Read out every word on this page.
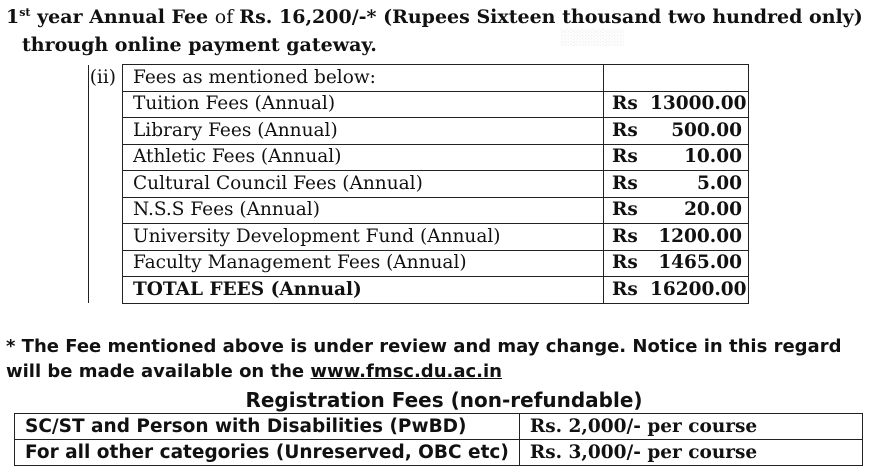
░░░░░░
1st year Annual Fee of Rs. 16,200/-* (Rupees Sixteen thousand two hundred only)
through online payment gateway.
(ii)	Fees as mentioned below:	
	Tuition Fees (Annual)	Rs 13000.00
	Library Fees (Annual)	Rs 500.00
	Athletic Fees (Annual)	Rs 10.00
	Cultural Council Fees (Annual)	Rs 5.00
	N.S.S Fees (Annual)	Rs 20.00
	University Development Fund (Annual)	Rs 1200.00
	Faculty Management Fees (Annual)	Rs 1465.00
	TOTAL FEES (Annual)	Rs 16200.00
* The Fee mentioned above is under review and may change. Notice in this regard
will be made available on the www.fmsc.du.ac.in
Registration Fees (non-refundable)
SC/ST and Person with Disabilities (PwBD)	Rs. 2,000/- per course
For all other categories (Unreserved, OBC etc)	Rs. 3,000/- per course
